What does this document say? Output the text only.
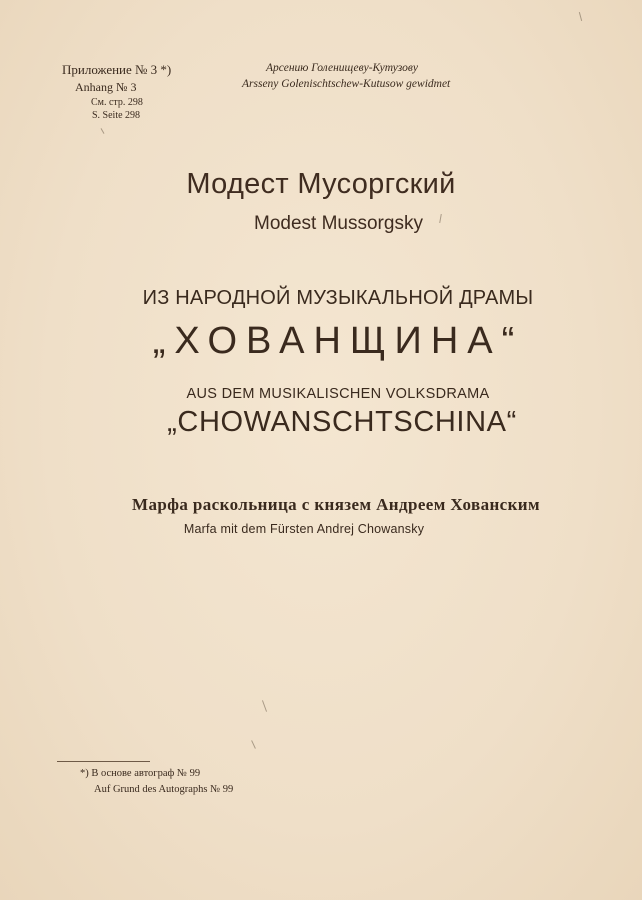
Приложение № 3 *)
Anhang № 3
См. стр. 298
S. Seite 298
Арсению Голенищеву-Кутузову
Arsseny Golenischtschew-Kutusow gewidmet
Модест Мусоргский
Modest Mussorgsky
ИЗ НАРОДНОЙ МУЗЫКАЛЬНОЙ ДРАМЫ
„ХОВАНЩИНА“
AUS DEM MUSIKALISCHEN VOLKSDRAMA
„CHOWANSCHTSCHINA“
Марфа раскольница с князем Андреем Хованским
Marfa mit dem Fürsten Andrej Chowansky
*) В основе автограф № 99
Auf Grund des Autographs № 99
